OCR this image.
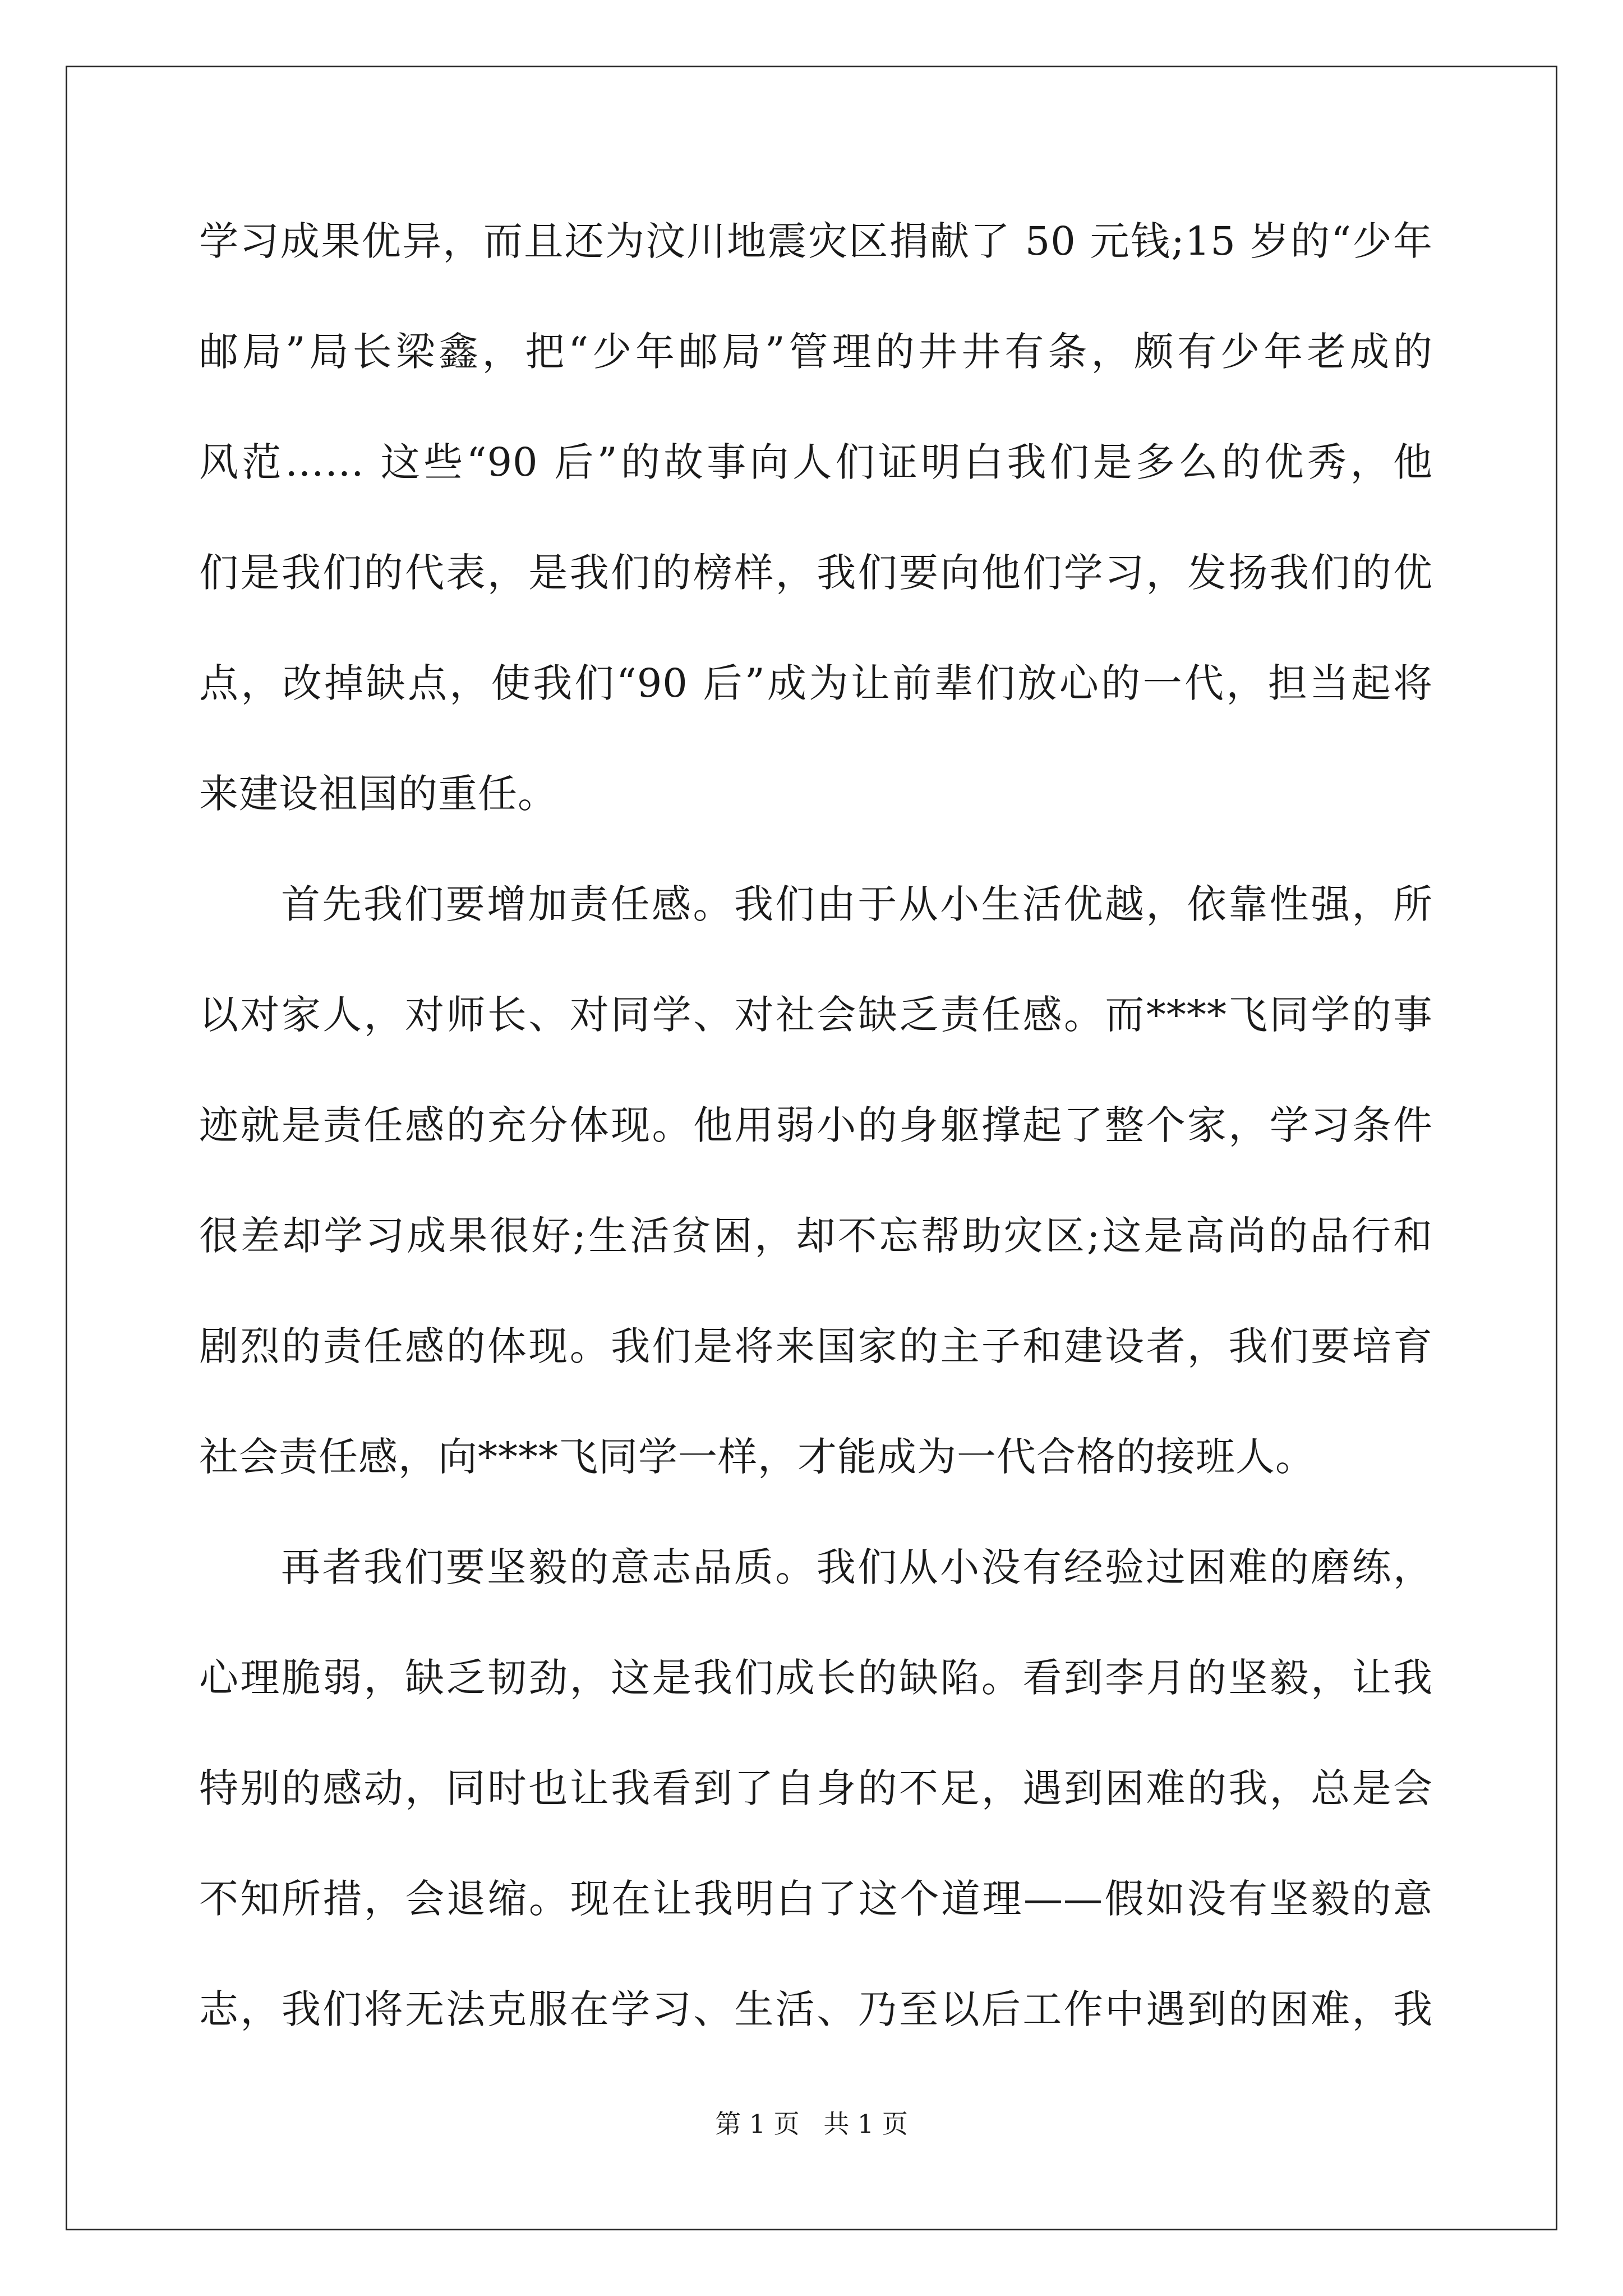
学习成果优异，而且还为汶川地震灾区捐献了 50 元钱;15 岁的“少年
邮局”局长梁鑫，把“少年邮局”管理的井井有条，颇有少年老成的
风范…… 这些“90 后”的故事向人们证明白我们是多么的优秀，他
们是我们的代表，是我们的榜样，我们要向他们学习，发扬我们的优
点，改掉缺点，使我们“90 后”成为让前辈们放心的一代，担当起将
来建设祖国的重任。
首先我们要增加责任感。我们由于从小生活优越，依靠性强，所
以对家人，对师长、对同学、对社会缺乏责任感。而****飞同学的事
迹就是责任感的充分体现。他用弱小的身躯撑起了整个家，学习条件
很差却学习成果很好;生活贫困，却不忘帮助灾区;这是高尚的品行和
剧烈的责任感的体现。我们是将来国家的主子和建设者，我们要培育
社会责任感，向****飞同学一样，才能成为一代合格的接班人。
再者我们要坚毅的意志品质。我们从小没有经验过困难的磨练，
心理脆弱，缺乏韧劲，这是我们成长的缺陷。看到李月的坚毅，让我
特别的感动，同时也让我看到了自身的不足，遇到困难的我，总是会
不知所措，会退缩。现在让我明白了这个道理——假如没有坚毅的意
志，我们将无法克服在学习、生活、乃至以后工作中遇到的困难，我
第 1 页 共 1 页
